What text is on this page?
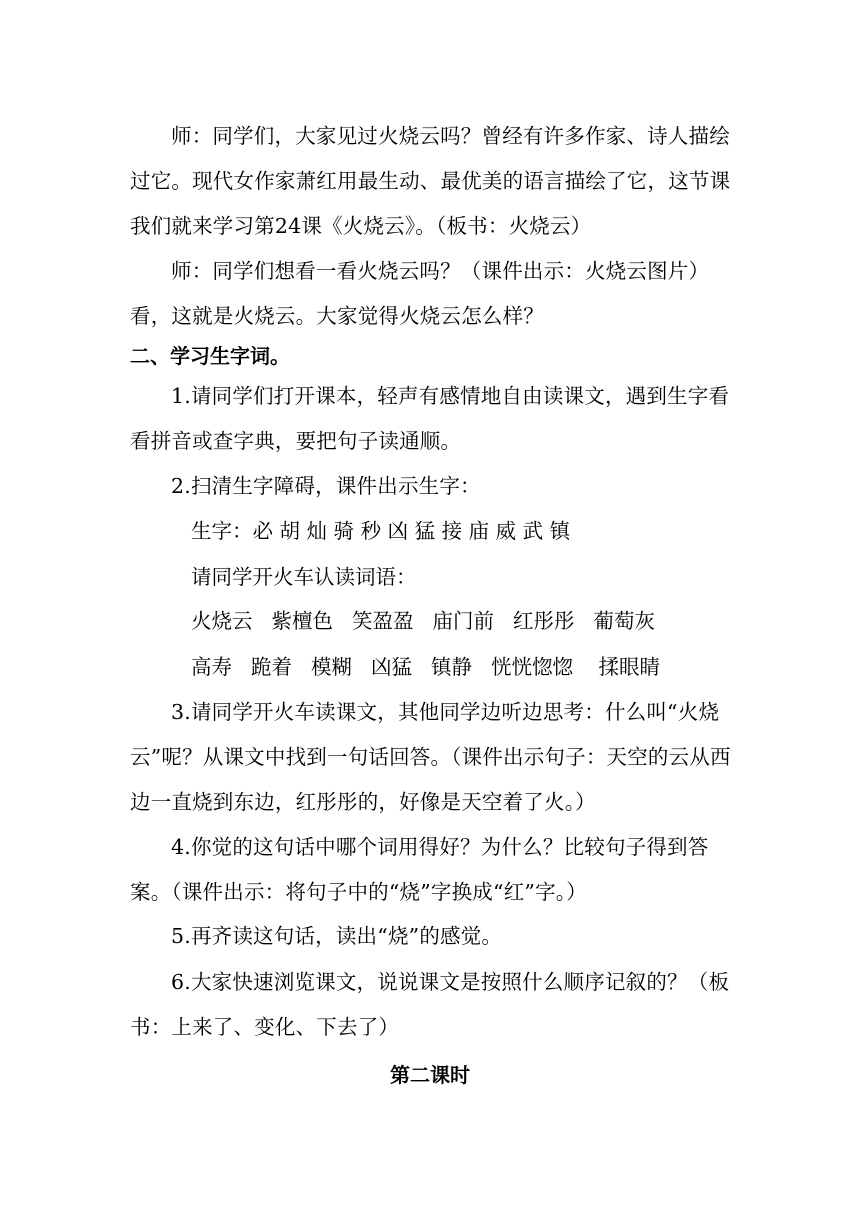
师：同学们，大家见过火烧云吗？曾经有许多作家、诗人描绘过它。现代女作家萧红用最生动、最优美的语言描绘了它，这节课我们就来学习第24课《火烧云》。（板书：火烧云）

师：同学们想看一看火烧云吗？（课件出示：火烧云图片）看，这就是火烧云。大家觉得火烧云怎么样？

二、学习生字词。

1.请同学们打开课本，轻声有感情地自由读课文，遇到生字看看拼音或查字典，要把句子读通顺。

2.扫清生字障碍，课件出示生字：

生字：必 胡 灿 骑 秒 凶 猛 接 庙 威 武 镇

请同学开火车认读词语：

火烧云 紫檀色 笑盈盈 庙门前 红彤彤 葡萄灰

高寿 跪着 模糊 凶猛 镇静 恍恍惚惚 揉眼睛

3.请同学开火车读课文，其他同学边听边思考：什么叫“火烧云”呢？从课文中找到一句话回答。（课件出示句子：天空的云从西边一直烧到东边，红彤彤的，好像是天空着了火。）

4.你觉的这句话中哪个词用得好？为什么？比较句子得到答案。（课件出示：将句子中的“烧”字换成“红”字。）

5.再齐读这句话，读出“烧”的感觉。

6.大家快速浏览课文，说说课文是按照什么顺序记叙的？（板书：上来了、变化、下去了）

第二课时
